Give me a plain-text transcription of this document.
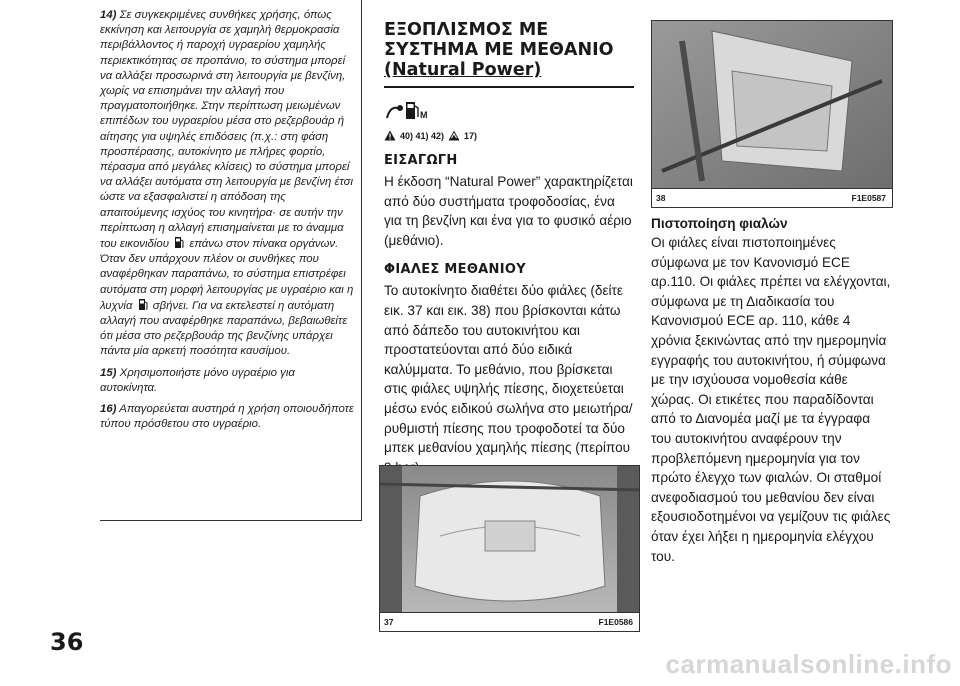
14) Σε συγκεκριμένες συνθήκες χρήσης, όπως εκκίνηση και λειτουργία σε χαμηλή θερμοκρασία περιβάλλοντος ή παροχή υγραερίου χαμηλής περιεκτικότητας σε προπάνιο, το σύστημα μπορεί να αλλάξει προσωρινά στη λειτουργία με βενζίνη, χωρίς να επισημάνει την αλλαγή που πραγματοποιήθηκε. Στην περίπτωση μειωμένων επιπέδων του υγραερίου μέσα στο ρεζερβουάρ ή αίτησης για υψηλές επιδόσεις (π.χ.: στη φάση προσπέρασης, αυτοκίνητο με πλήρες φορτίο, πέρασμα από μεγάλες κλίσεις) το σύστημα μπορεί να αλλάξει αυτόματα στη λειτουργία με βενζίνη έτσι ώστε να εξασφαλιστεί η απόδοση της απαιτούμενης ισχύος του κινητήρα· σε αυτήν την περίπτωση η αλλαγή επισημαίνεται με το άναμμα του εικονιδίου επάνω στον πίνακα οργάνων. Όταν δεν υπάρχουν πλέον οι συνθήκες που αναφέρθηκαν παραπάνω, το σύστημα επιστρέφει αυτόματα στη μορφή λειτουργίας με υγραέριο και η λυχνία σβήνει. Για να εκτελεστεί η αυτόματη αλλαγή που αναφέρθηκε παραπάνω, βεβαιωθείτε ότι μέσα στο ρεζερβουάρ της βενζίνης υπάρχει πάντα μία αρκετή ποσότητα καυσίμου.

15) Χρησιμοποιήστε μόνο υγραέριο για αυτοκίνητα.

16) Απαγορεύεται αυστηρά η χρήση οποιουδήποτε τύπου πρόσθετου στο υγραέριο.

ΕΞΟΠΛΙΣΜΟΣ ΜΕ
ΣΥΣΤΗΜΑ ΜΕ ΜΕΘΑΝΙΟ
(Natural Power)
M
40) 41) 42) 17)
ΕΙΣΑΓΩΓΗ

Η έκδοση “Natural Power” χαρακτηρίζεται από δύο συστήματα τροφοδοσίας, ένα για τη βενζίνη και ένα για το φυσικό αέριο (μεθάνιο).

ΦΙΑΛΕΣ ΜΕΘΑΝΙΟΥ

Το αυτοκίνητο διαθέτει δύο φιάλες (δείτε εικ. 37 και εικ. 38) που βρίσκονται κάτω από δάπεδο του αυτοκινήτου και προστατεύονται από δύο ειδικά καλύμματα. Το μεθάνιο, που βρίσκεται στις φιάλες υψηλής πίεσης, διοχετεύεται μέσω ενός ειδικού σωλήνα στο μειωτήρα/ρυθμιστή πίεσης που τροφοδοτεί τα δύο μπεκ μεθανίου χαμηλής πίεσης (περίπου

37	F1E0586
38	F1E0587

Πιστοποίηση φιαλών

Οι φιάλες είναι πιστοποιημένες σύμφωνα με τον Κανονισμό ECE αρ.110. Οι φιάλες πρέπει να ελέγχονται, σύμφωνα με τη Διαδικασία του Κανονισμού ECE αρ. 110, κάθε 4 χρόνια ξεκινώντας από την ημερομηνία εγγραφής του αυτοκινήτου, ή σύμφωνα με την ισχύουσα νομοθεσία κάθε χώρας. Οι ετικέτες που παραδίδονται από το Διανομέα μαζί με τα έγγραφα του αυτοκινήτου αναφέρουν την προβλεπόμενη ημερομηνία για τον πρώτο έλεγχο των φιαλών. Οι σταθμοί ανεφοδιασμού του μεθανίου δεν είναι εξουσιοδοτημένοι να γεμίζουν τις φιάλες όταν έχει λήξει η ημερομηνία ελέγχου του.

36
carmanualsonline.info
